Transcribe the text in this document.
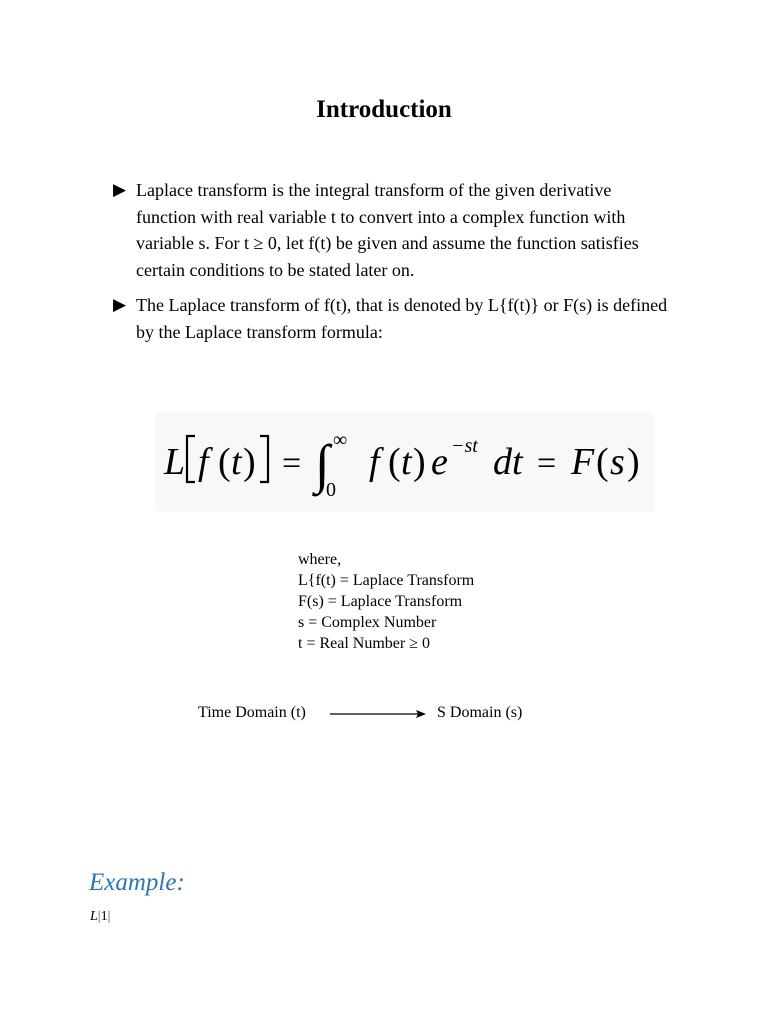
Introduction
▶ Laplace transform is the integral transform of the given derivative function with real variable t to convert into a complex function with variable s. For t ≥ 0, let f(t) be given and assume the function satisfies certain conditions to be stated later on.
▶ The Laplace transform of f(t), that is denoted by L{f(t)} or F(s) is defined by the Laplace transform formula:
L f ( t ) = ∫ ∞
0
f ( t ) e −st dt = F ( s )
where,
L{f(t) = Laplace Transform
F(s) = Laplace Transform
s = Complex Number
t = Real Number ≥ 0
Time Domain (t)	S Domain (s)
Example:
L|1|
